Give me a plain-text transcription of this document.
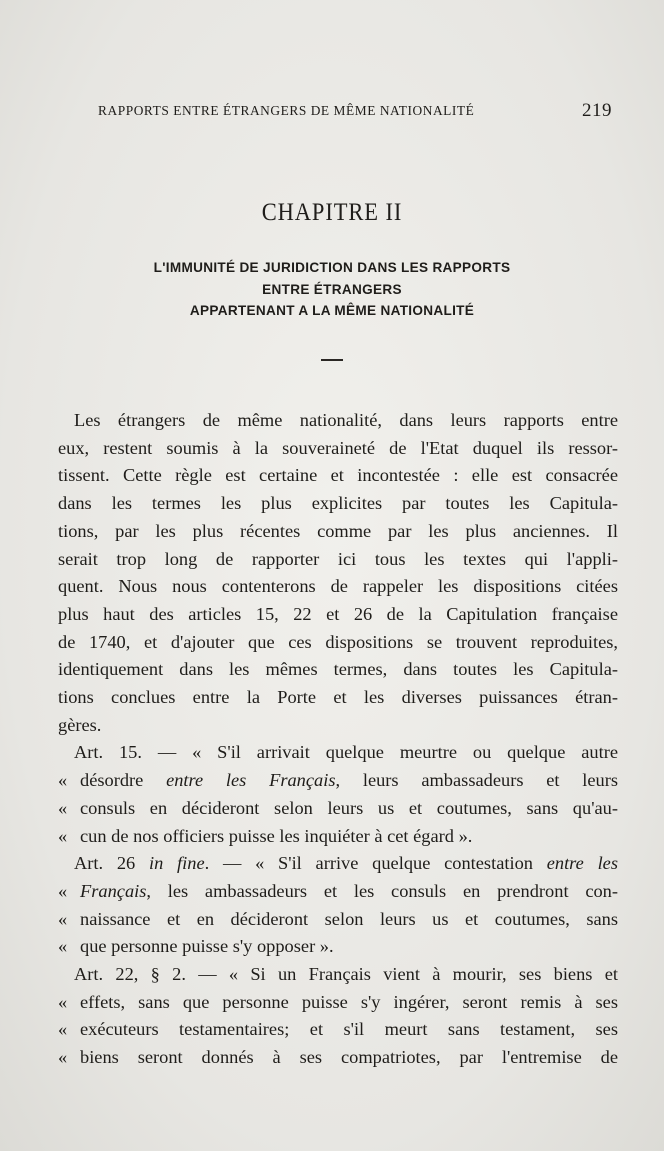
RAPPORTS ENTRE ÉTRANGERS DE MÊME NATIONALITÉ	219
CHAPITRE II
L'IMMUNITÉ DE JURIDICTION DANS LES RAPPORTS
ENTRE ÉTRANGERS
APPARTENANT A LA MÊME NATIONALITÉ
Les étrangers de même nationalité, dans leurs rapports entre
eux, restent soumis à la souveraineté de l'Etat duquel ils ressor-
tissent. Cette règle est certaine et incontestée : elle est consacrée
dans les termes les plus explicites par toutes les Capitula-
tions, par les plus récentes comme par les plus anciennes. Il
serait trop long de rapporter ici tous les textes qui l'appli-
quent. Nous nous contenterons de rappeler les dispositions citées
plus haut des articles 15, 22 et 26 de la Capitulation française
de 1740, et d'ajouter que ces dispositions se trouvent reproduites,
identiquement dans les mêmes termes, dans toutes les Capitula-
tions conclues entre la Porte et les diverses puissances étran-
gères.
Art. 15. — « S'il arrivait quelque meurtre ou quelque autre
« désordre entre les Français, leurs ambassadeurs et leurs
« consuls en décideront selon leurs us et coutumes, sans qu'au-
« cun de nos officiers puisse les inquiéter à cet égard ».
Art. 26 in fine. — « S'il arrive quelque contestation entre les
« Français, les ambassadeurs et les consuls en prendront con-
« naissance et en décideront selon leurs us et coutumes, sans
« que personne puisse s'y opposer ».
Art. 22, § 2. — « Si un Français vient à mourir, ses biens et
« effets, sans que personne puisse s'y ingérer, seront remis à ses
« exécuteurs testamentaires; et s'il meurt sans testament, ses
« biens seront donnés à ses compatriotes, par l'entremise de
